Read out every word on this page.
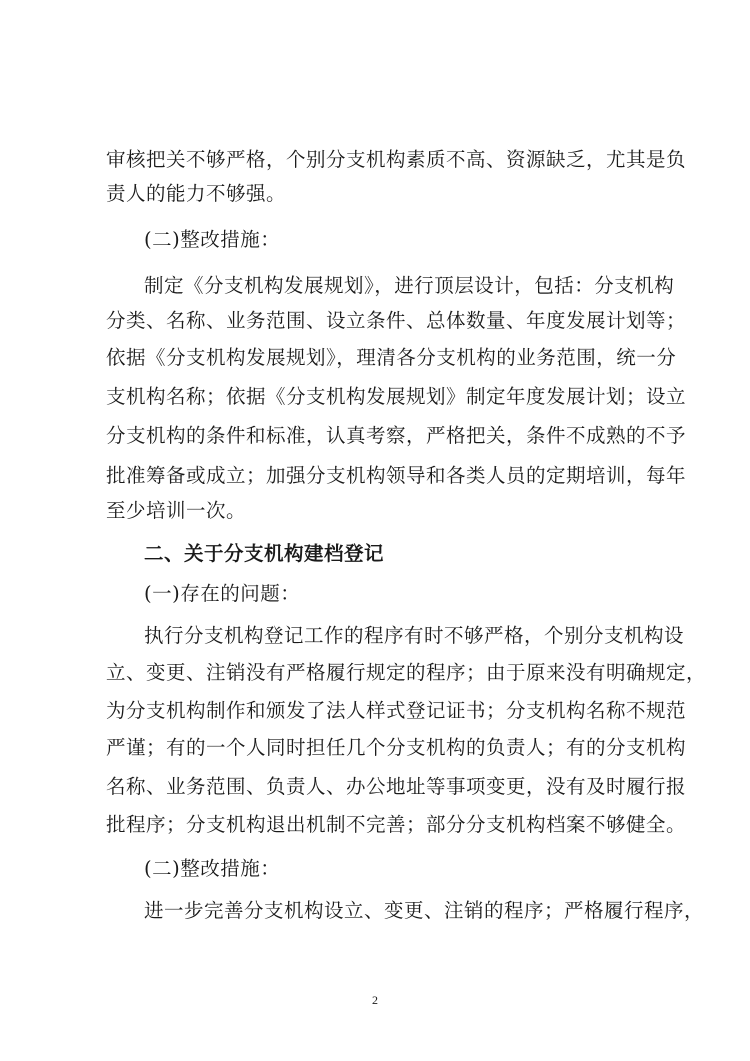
审核把关不够严格，个别分支机构素质不高、资源缺乏，尤其是负
责人的能力不够强。
(二)整改措施：
制定《分支机构发展规划》，进行顶层设计，包括：分支机构
分类、名称、业务范围、设立条件、总体数量、年度发展计划等；
依据《分支机构发展规划》，理清各分支机构的业务范围，统一分
支机构名称；依据《分支机构发展规划》制定年度发展计划；设立
分支机构的条件和标准，认真考察，严格把关，条件不成熟的不予
批准筹备或成立；加强分支机构领导和各类人员的定期培训，每年
至少培训一次。
二、关于分支机构建档登记
(一)存在的问题：
执行分支机构登记工作的程序有时不够严格，个别分支机构设
立、变更、注销没有严格履行规定的程序；由于原来没有明确规定，
为分支机构制作和颁发了法人样式登记证书；分支机构名称不规范
严谨；有的一个人同时担任几个分支机构的负责人；有的分支机构
名称、业务范围、负责人、办公地址等事项变更，没有及时履行报
批程序；分支机构退出机制不完善；部分分支机构档案不够健全。
(二)整改措施：
进一步完善分支机构设立、变更、注销的程序；严格履行程序，
2
